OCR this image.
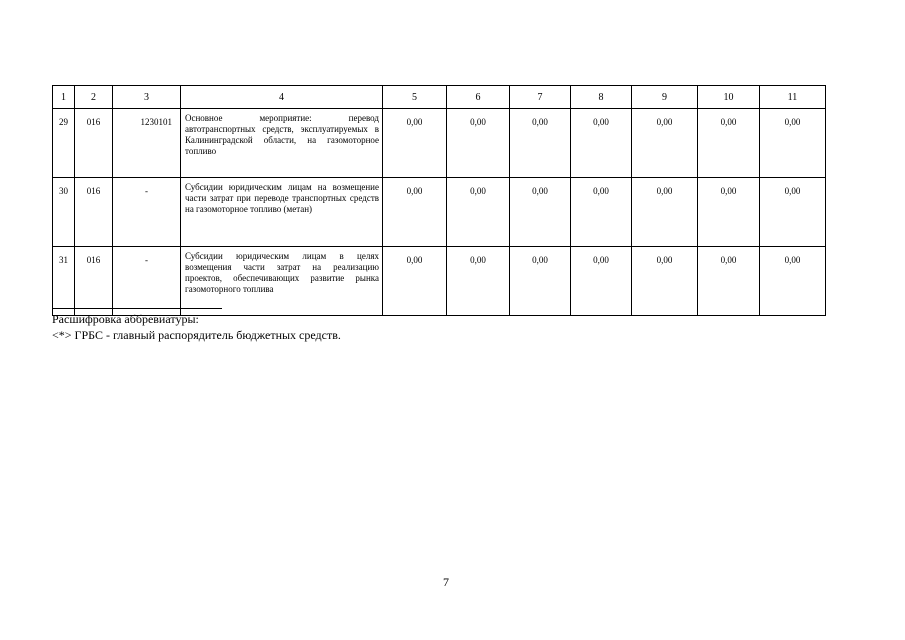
1	2	3	4	5	6	7	8	9	10	11
29	016	1230101	Основное мероприятие: перевод автотранспортных средств, эксплуатируемых в Калининградской области, на газомоторное топливо	0,00	0,00	0,00	0,00	0,00	0,00	0,00
30	016	-	Субсидии юридическим лицам на возмещение части затрат при переводе транспортных средств на газомоторное топливо (метан)	0,00	0,00	0,00	0,00	0,00	0,00	0,00
31	016	-	Субсидии юридическим лицам в целях возмещения части затрат на реализацию проектов, обеспечивающих развитие рынка газомоторного топлива	0,00	0,00	0,00	0,00	0,00	0,00	0,00
Расшифровка аббревиатуры:
<*> ГРБС - главный распорядитель бюджетных средств.
7
